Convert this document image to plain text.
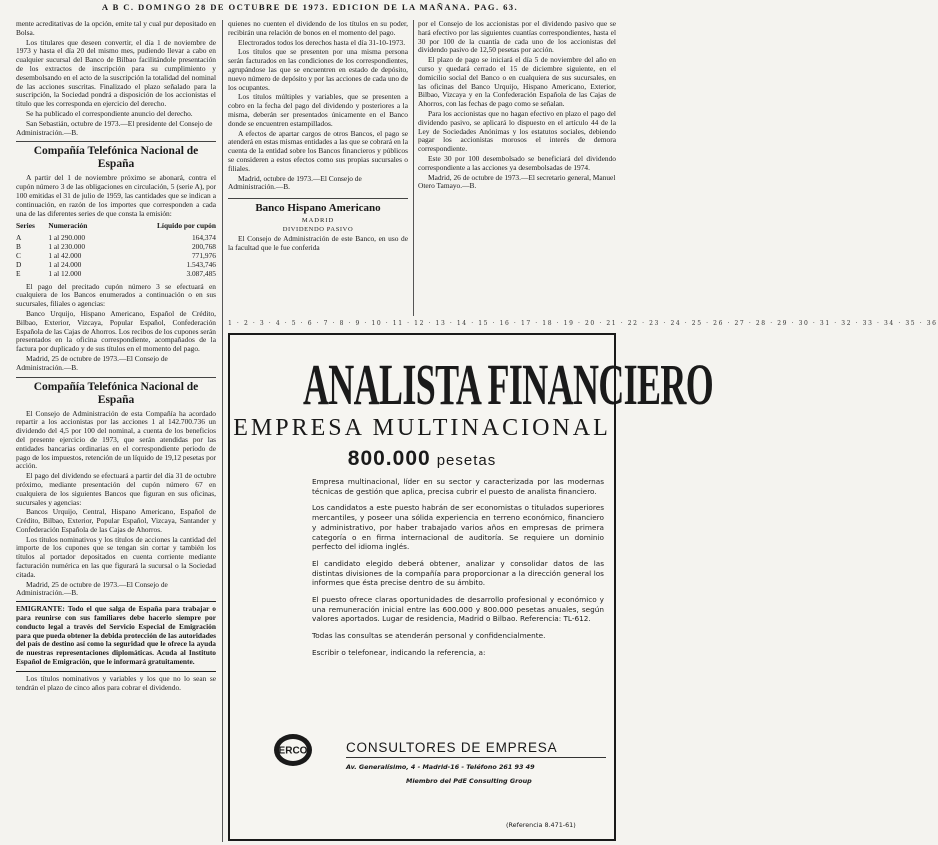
A B C. DOMINGO 28 DE OCTUBRE DE 1973. EDICION DE LA MAÑANA. PAG. 63.

mente acreditativas de la opción, emite tal y cual pur depositado en Bolsa.

Los titulares que deseen convertir, el día 1 de noviembre de 1973 y hasta el día 20 del mismo mes, pudiendo llevar a cabo en cualquier sucursal del Banco de Bilbao facilitándole presentación de los extractos de inscripción para su cumplimiento y desembolsando en el acto de la suscripción la totalidad del nominal de las acciones suscritas. Finalizado el plazo señalado para la suscripción, la Sociedad pondrá a disposición de los accionistas el título que les corresponda en ejercicio del derecho.

Se ha publicado el correspondiente anuncio del derecho.

San Sebastián, octubre de 1973.—El presidente del Consejo de Administración.—B.

Compañía Telefónica Nacional de España

A partir del 1 de noviembre próximo se abonará, contra el cupón número 3 de las obligaciones en circulación, 5 (serie A), por 100 emitidas el 31 de julio de 1959, las cantidades que se indican a continuación, en razón de los importes que corresponden a cada una de las diferentes series de que consta la emisión:

Series	Numeración	Líquido por cupón
A	1 al 290.000	164,374
B	1 al 230.000	200,768
C	1 al 42.000	771,976
D	1 al 24.000	1.543,746
E	1 al 12.000	3.087,485

El pago del precitado cupón número 3 se efectuará en cualquiera de los Bancos enumerados a continuación o en sus sucursales, filiales o agencias:

Banco Urquijo, Hispano Americano, Español de Crédito, Bilbao, Exterior, Vizcaya, Popular Español, Confederación Española de las Cajas de Ahorros. Los recibos de los cupones serán presentados en la oficina correspondiente, acompañados de la factura por duplicado y de sus títulos en el momento del pago.

Madrid, 25 de octubre de 1973.—El Consejo de Administración.—B.

Compañía Telefónica Nacional de España

El Consejo de Administración de esta Compañía ha acordado repartir a los accionistas por las acciones 1 al 142.700.736 un dividendo del 4,5 por 100 del nominal, a cuenta de los beneficios del presente ejercicio de 1973, que serán atendidas por las entidades bancarias ordinarias en el correspondiente período de pago de los impuestos, retención de un líquido de 19,12 pesetas por acción.

El pago del dividendo se efectuará a partir del día 31 de octubre próximo, mediante presentación del cupón número 67 en cualquiera de los siguientes Bancos que figuran en sus oficinas, sucursales y agencias:

Bancos Urquijo, Central, Hispano Americano, Español de Crédito, Bilbao, Exterior, Popular Español, Vizcaya, Santander y Confederación Española de las Cajas de Ahorros.

Los títulos nominativos y los títulos de acciones la cantidad del importe de los cupones que se tengan sin cortar y también los títulos al portador depositados en cuenta corriente mediante facturación numérica en las que figurará la sucursal o la Sociedad citada.

Madrid, 25 de octubre de 1973.—El Consejo de Administración.—B.

EMIGRANTE: Todo el que salga de España para trabajar o para reunirse con sus familiares debe hacerlo siempre por conducto legal a través del Servicio Especial de Emigración para que pueda obtener la debida protección de las autoridades del país de destino así como la seguridad que le ofrece la ayuda de nuestras representaciones diplomáticas. Acuda al Instituto Español de Emigración, que le informará gratuitamente.

Los títulos nominativos y variables y los que no lo sean se tendrán el plazo de cinco años para cobrar el dividendo.

quienes no cuenten el dividendo de los títulos en su poder, recibirán una relación de bonos en el momento del pago.

Electrorados todos los derechos hasta el día 31-10-1973.

Los títulos que se presenten por una misma persona serán facturados en las condiciones de los correspondientes, agrupándose las que se encuentren en estado de depósito, nuevo número de depósito y por las acciones de cada uno de los ocupantes.

Los títulos múltiples y variables, que se presenten a cobro en la fecha del pago del dividendo y posteriores a la misma, deberán ser presentados únicamente en el Banco donde se encuentren estampillados.

A efectos de apartar cargos de otros Bancos, el pago se atenderá en estas mismas entidades a las que se cobrará en la cuenta de la entidad sobre los Bancos financieros y públicos se consideren a estos efectos como sus propias sucursales o filiales.

Madrid, octubre de 1973.—El Consejo de Administración.—B.

Banco Hispano Americano
MADRID
DIVIDENDO PASIVO

El Consejo de Administración de este Banco, en uso de la facultad que le fue conferida

por el Consejo de los accionistas por el dividendo pasivo que se hará efectivo por las siguientes cuantías correspondientes, hasta el 30 por 100 de la cuantía de cada uno de los accionistas del dividendo pasivo de 12,50 pesetas por acción.

El plazo de pago se iniciará el día 5 de noviembre del año en curso y quedará cerrado el 15 de diciembre siguiente, en el domicilio social del Banco o en cualquiera de sus sucursales, en las oficinas del Banco Urquijo, Hispano Americano, Exterior, Bilbao, Vizcaya y en la Confederación Española de las Cajas de Ahorros, con las fechas de pago como se señalan.

Para los accionistas que no hagan efectivo en plazo el pago del dividendo pasivo, se aplicará lo dispuesto en el artículo 44 de la Ley de Sociedades Anónimas y los estatutos sociales, debiendo pagar los accionistas morosos el interés de demora correspondiente.

Este 30 por 100 desembolsado se beneficiará del dividendo correspondiente a las acciones ya desembolsadas de 1974.

Madrid, 26 de octubre de 1973.—El secretario general, Manuel Otero Tamayo.—B.

1 · 2 · 3 · 4 · 5 · 6 · 7 · 8 · 9 · 10 · 11 · 12 · 13 · 14 · 15 · 16 · 17 · 18 · 19 · 20 · 21 · 22 · 23 · 24 · 25 · 26 · 27 · 28 · 29 · 30 · 31 · 32 · 33 · 34 · 35 · 36
ANALISTA FINANCIERO
EMPRESA MULTINACIONAL
800.000 pesetas

Empresa multinacional, líder en su sector y caracterizada por las modernas técnicas de gestión que aplica, precisa cubrir el puesto de analista financiero.

Los candidatos a este puesto habrán de ser economistas o titulados superiores mercantiles, y poseer una sólida experiencia en terreno económico, financiero y administrativo, por haber trabajado varios años en empresas de primera categoría o en firma internacional de auditoría. Se requiere un dominio perfecto del idioma inglés.

El candidato elegido deberá obtener, analizar y consolidar datos de las distintas divisiones de la compañía para proporcionar a la dirección general los informes que ésta precise dentro de su ámbito.

El puesto ofrece claras oportunidades de desarrollo profesional y económico y una remuneración inicial entre las 600.000 y 800.000 pesetas anuales, según valores aportados. Lugar de residencia, Madrid o Bilbao. Referencia: TL-612.

Todas las consultas se atenderán personal y confidencialmente.

Escribir o telefonear, indicando la referencia, a:

ERCO	CONSULTORES DE EMPRESA
Av. Generalísimo, 4 - Madrid-16 - Teléfono 261 93 49
Miembro del PdE Consulting Group
(Referencia 8.471-61)
